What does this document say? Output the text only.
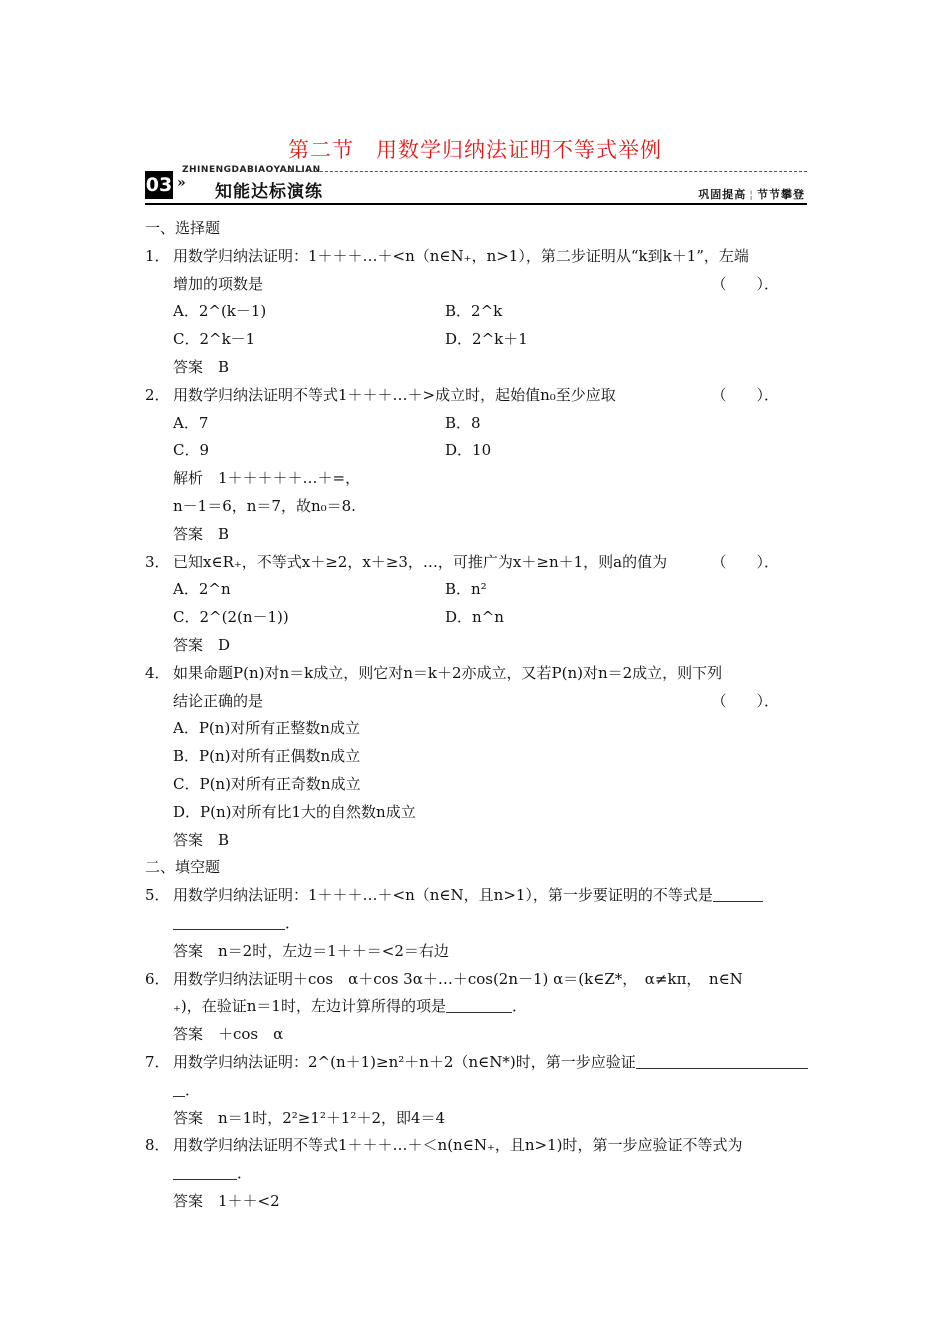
第二节　用数学归纳法证明不等式举例
03 »
ZHINENGDABIAOYANLIAN
知能达标演练	巩固提高 ¦ 节节攀登
一、选择题
1． 用数学归纳法证明：1＋＋＋…＋<n（n∈N₊，n>1），第二步证明从“k到k＋1”，左端
增加的项数是	（　　）．
A．2^(k－1)	B．2^k
C．2^k－1	D．2^k＋1
答案　B
2． 用数学归纳法证明不等式1＋＋＋…＋>成立时，起始值n₀至少应取	（　　）．
A．7	B．8
C．9	D．10
解析　1＋＋＋＋＋…＋=，
n－1＝6，n＝7，故n₀＝8.
答案　B
3． 已知x∈R₊，不等式x＋≥2，x＋≥3，…，可推广为x＋≥n＋1，则a的值为	（　　）．
A．2^n	B．n²
C．2^(2(n－1))	D．n^n
答案　D
4． 如果命题P(n)对n＝k成立，则它对n＝k＋2亦成立，又若P(n)对n＝2成立，则下列
结论正确的是	（　　）．
A．P(n)对所有正整数n成立
B．P(n)对所有正偶数n成立
C．P(n)对所有正奇数n成立
D．P(n)对所有比1大的自然数n成立
答案　B
二、填空题
5． 用数学归纳法证明：1＋＋＋…＋<n（n∈N，且n>1），第一步要证明的不等式是
．
答案　n＝2时，左边＝1＋＋＝<2＝右边
6． 用数学归纳法证明＋cos　α＋cos 3α＋…＋cos(2n－1) α＝(k∈Z*，　α≠kπ，　n∈N
₊)，在验证n＝1时，左边计算所得的项是	．
答案　＋cos　α
7． 用数学归纳法证明：2^(n＋1)≥n²＋n＋2（n∈N*)时，第一步应验证
．
答案　n＝1时，2²≥1²＋1²＋2，即4＝4
8． 用数学归纳法证明不等式1＋＋＋…＋＜n(n∈N₊，且n>1)时，第一步应验证不等式为
．
答案　1＋＋<2
